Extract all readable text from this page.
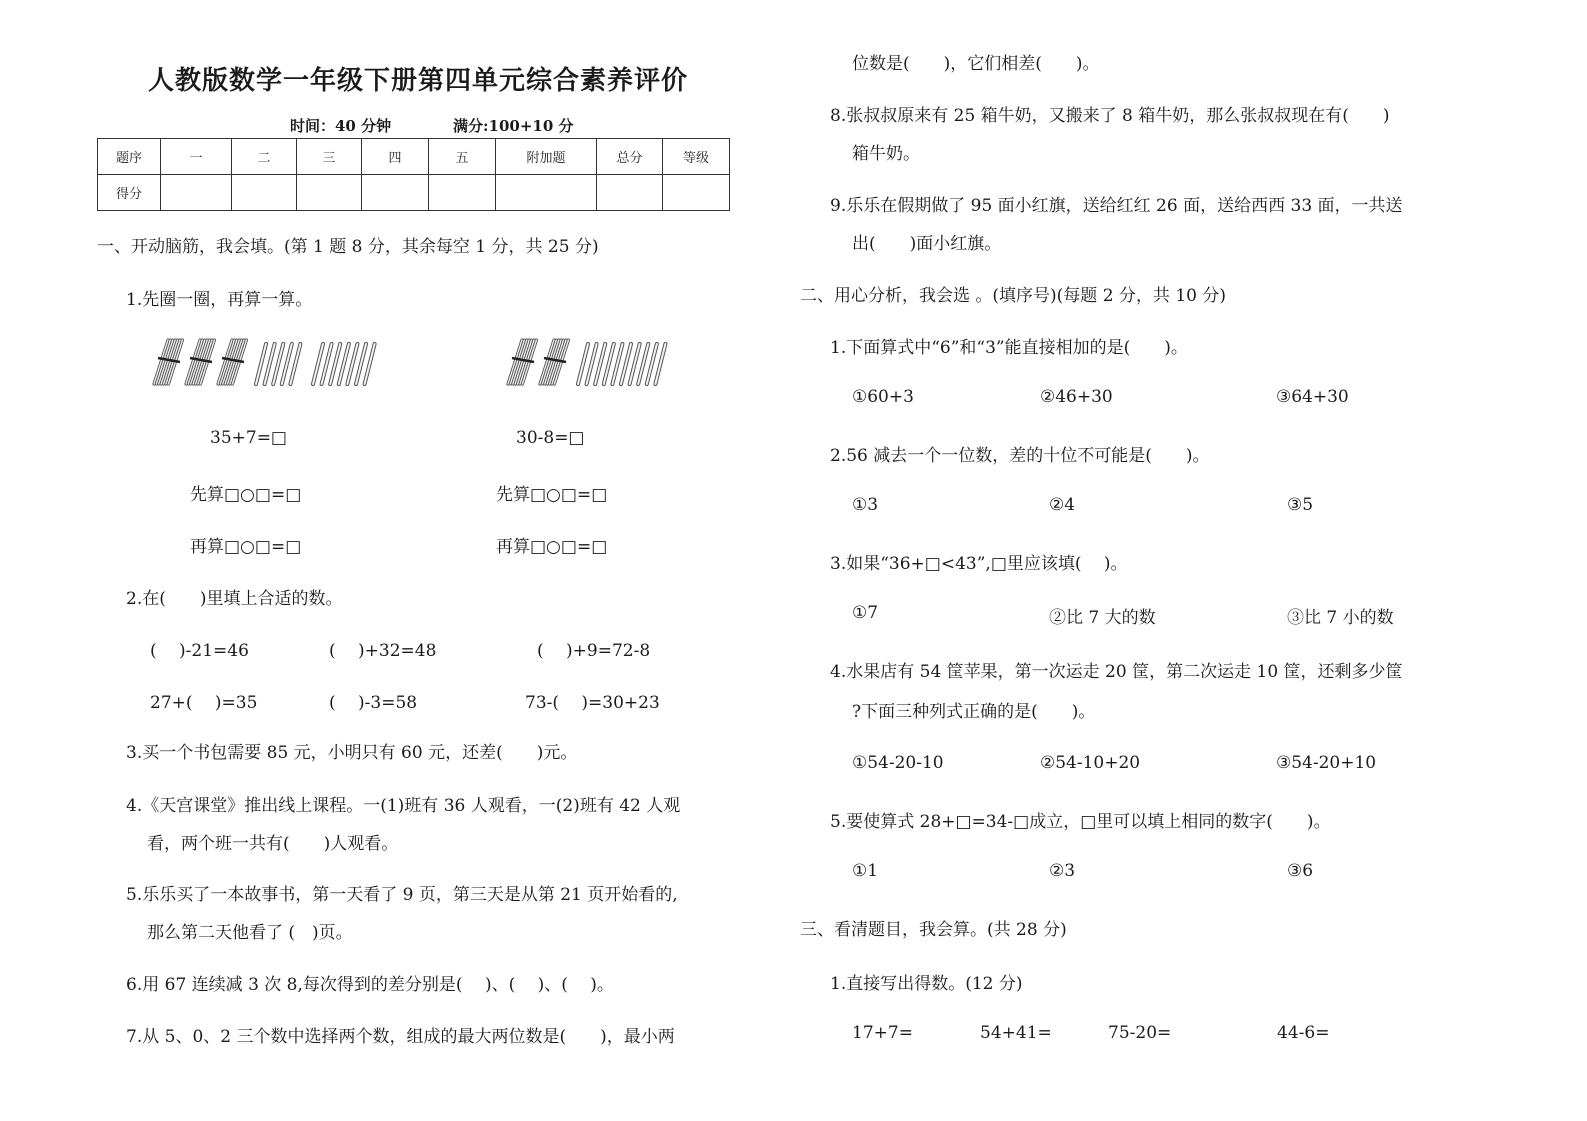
人教版数学一年级下册第四单元综合素养评价
时间：40 分钟	满分:100+10 分
题序	一	二	三	四	五	附加题	总分	等级
得分								
一、开动脑筋，我会填。(第 1 题 8 分，其余每空 1 分，共 25 分)
1.先圈一圈，再算一算。
35+7=□	30-8=□
先算□○□=□	先算□○□=□
再算□○□=□	再算□○□=□
2.在(　　)里填上合适的数。
(　 )-21=46	(　 )+32=48	(　 )+9=72-8
27+(　 )=35	(　 )-3=58	73-(　 )=30+23
3.买一个书包需要 85 元，小明只有 60 元，还差(　　)元。
4.《天宫课堂》推出线上课程。一(1)班有 36 人观看，一(2)班有 42 人观
看，两个班一共有(　　)人观看。
5.乐乐买了一本故事书，第一天看了 9 页，第三天是从第 21 页开始看的,
那么第二天他看了 (　)页。
6.用 67 连续减 3 次 8,每次得到的差分别是(　 )、(　 )、(　 )。
7.从 5、0、2 三个数中选择两个数，组成的最大两位数是(　　)，最小两
位数是(　　)，它们相差(　　)。
8.张叔叔原来有 25 箱牛奶，又搬来了 8 箱牛奶，那么张叔叔现在有(　　)
箱牛奶。
9.乐乐在假期做了 95 面小红旗，送给红红 26 面，送给西西 33 面，一共送
出(　　)面小红旗。
二、用心分析，我会选 。(填序号)(每题 2 分，共 10 分)
1.下面算式中“6”和“3”能直接相加的是(　　)。
①60+3	②46+30	③64+30
2.56 减去一个一位数，差的十位不可能是(　　)。
①3	②4	③5
3.如果“36+□<43”,□里应该填(　 )。
①7	②比 7 大的数	③比 7 小的数
4.水果店有 54 筐苹果，第一次运走 20 筐，第二次运走 10 筐，还剩多少筐
?下面三种列式正确的是(　　)。
①54-20-10	②54-10+20	③54-20+10
5.要使算式 28+□=34-□成立，□里可以填上相同的数字(　　)。
①1	②3	③6
三、看清题目，我会算。(共 28 分)
1.直接写出得数。(12 分)
17+7=	54+41=	75-20=	44-6=
